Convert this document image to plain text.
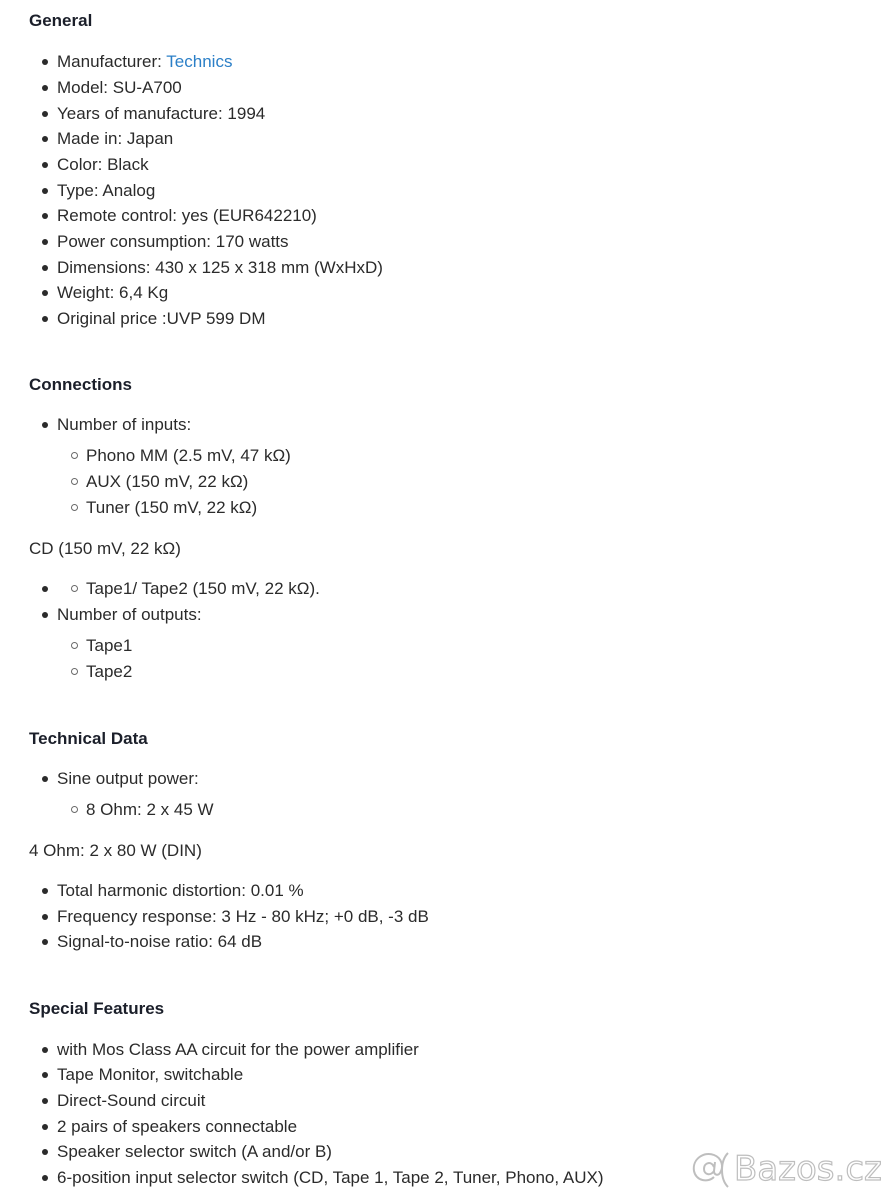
General
Manufacturer: Technics
Model: SU-A700
Years of manufacture: 1994
Made in: Japan
Color: Black
Type: Analog
Remote control: yes (EUR642210)
Power consumption: 170 watts
Dimensions: 430 x 125 x 318 mm (WxHxD)
Weight: 6,4 Kg
Original price :UVP 599 DM
Connections
Number of inputs:
Phono MM (2.5 mV, 47 kΩ)
AUX (150 mV, 22 kΩ)
Tuner (150 mV, 22 kΩ)
CD (150 mV, 22 kΩ)
Tape1/ Tape2 (150 mV, 22 kΩ).
Number of outputs:
Tape1
Tape2
Technical Data
Sine output power:
8 Ohm: 2 x 45 W
4 Ohm: 2 x 80 W (DIN)
Total harmonic distortion: 0.01 %
Frequency response: 3 Hz - 80 kHz; +0 dB, -3 dB
Signal-to-noise ratio: 64 dB
Special Features
with Mos Class AA circuit for the power amplifier
Tape Monitor, switchable
Direct-Sound circuit
2 pairs of speakers connectable
Speaker selector switch (A and/or B)
6-position input selector switch (CD, Tape 1, Tape 2, Tuner, Phono, AUX)	Bazos.cz
